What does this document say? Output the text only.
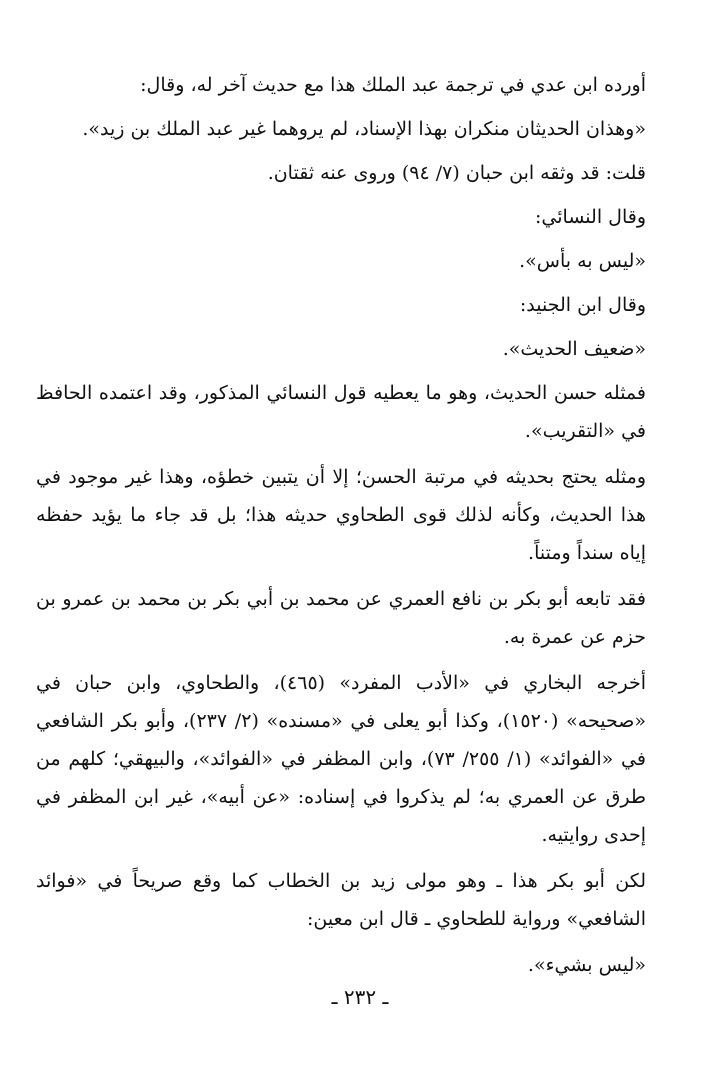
أورده ابن عدي في ترجمة عبد الملك هذا مع حديث آخر له، وقال:

«وهذان الحديثان منكران بهذا الإسناد، لم يروهما غير عبد الملك بن زيد».

قلت: قد وثقه ابن حبان (٧/ ٩٤) وروى عنه ثقتان.

وقال النسائي:

«ليس به بأس».

وقال ابن الجنيد:

«ضعيف الحديث».

فمثله حسن الحديث، وهو ما يعطيه قول النسائي المذكور، وقد اعتمده الحافظ في «التقريب».

ومثله يحتج بحديثه في مرتبة الحسن؛ إلا أن يتبين خطؤه، وهذا غير موجود في هذا الحديث، وكأنه لذلك قوى الطحاوي حديثه هذا؛ بل قد جاء ما يؤيد حفظه إياه سنداً ومتناً.

فقد تابعه أبو بكر بن نافع العمري عن محمد بن أبي بكر بن محمد بن عمرو بن حزم عن عمرة به.

أخرجه البخاري في «الأدب المفرد» (٤٦٥)، والطحاوي، وابن حبان في «صحيحه» (١٥٢٠)، وكذا أبو يعلى في «مسنده» (٢/ ٢٣٧)، وأبو بكر الشافعي في «الفوائد» (١/ ٢٥٥/ ٧٣)، وابن المظفر في «الفوائد»، والبيهقي؛ كلهم من طرق عن العمري به؛ لم يذكروا في إسناده: «عن أبيه»، غير ابن المظفر في إحدى روايتيه.

لكن أبو بكر هذا ـ وهو مولى زيد بن الخطاب كما وقع صريحاً في «فوائد الشافعي» ورواية للطحاوي ـ قال ابن معين:

«ليس بشيء».

ـ ٢٣٢ ـ
